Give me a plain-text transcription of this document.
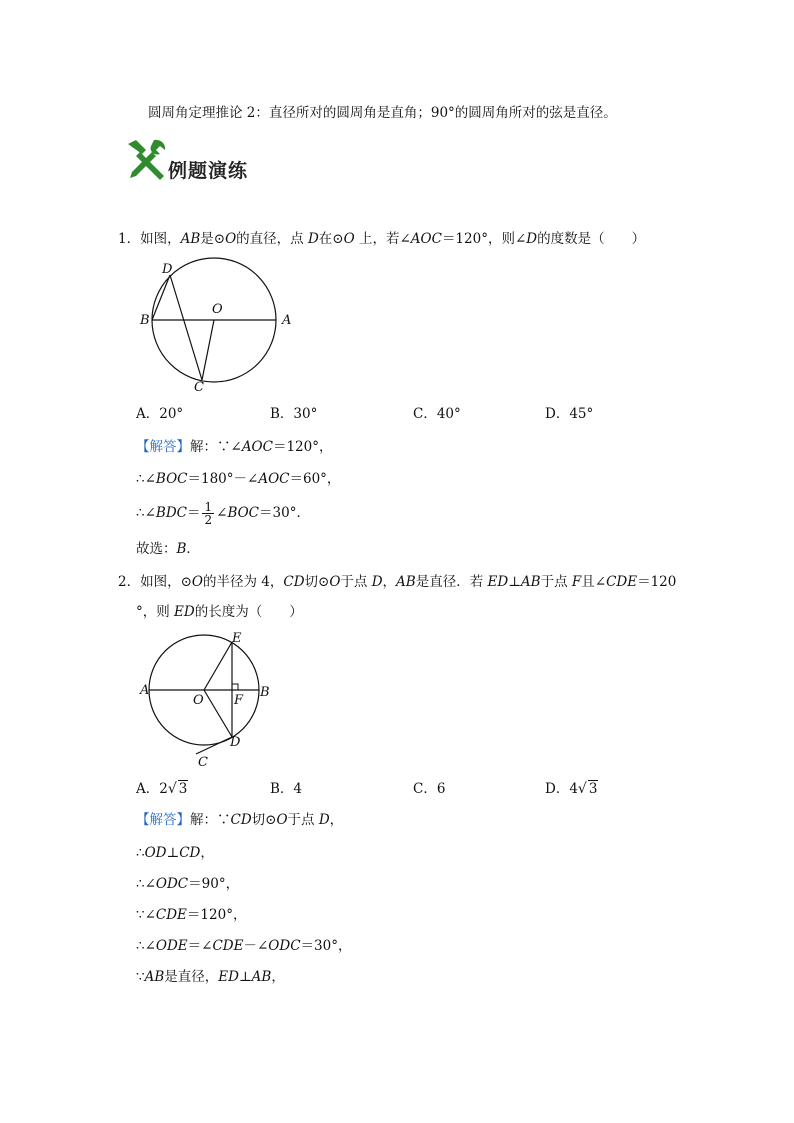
圆周角定理推论 2：直径所对的圆周角是直角；90°的圆周角所对的弦是直径。
例题演练
1．如图，AB是⊙O的直径，点 D在⊙O 上，若∠AOC＝120°，则∠D的度数是（　　）
D
O
B	A
C
A．20°	B．30°	C．40°	D．45°
【解答】解：∵∠AOC＝120°，
∴∠BOC＝180°－∠AOC＝60°，
∴∠BDC＝ $\frac{1}{2}$ ∠BOC＝30°．
故选：B．
2．如图，⊙O的半径为 4，CD切⊙O于点 D，AB是直径．若 ED⊥AB于点 F且∠CDE＝120
°，则 ED的长度为（　　）
E
A
O F
B
D
C
A．2√ 3	B．4	C．6	D．4√ 3
【解答】解：∵CD切⊙O于点 D，
∴OD⊥CD，
∴∠ODC＝90°，
∵∠CDE＝120°，
∴∠ODE＝∠CDE－∠ODC＝30°，
∵AB是直径，ED⊥AB，
